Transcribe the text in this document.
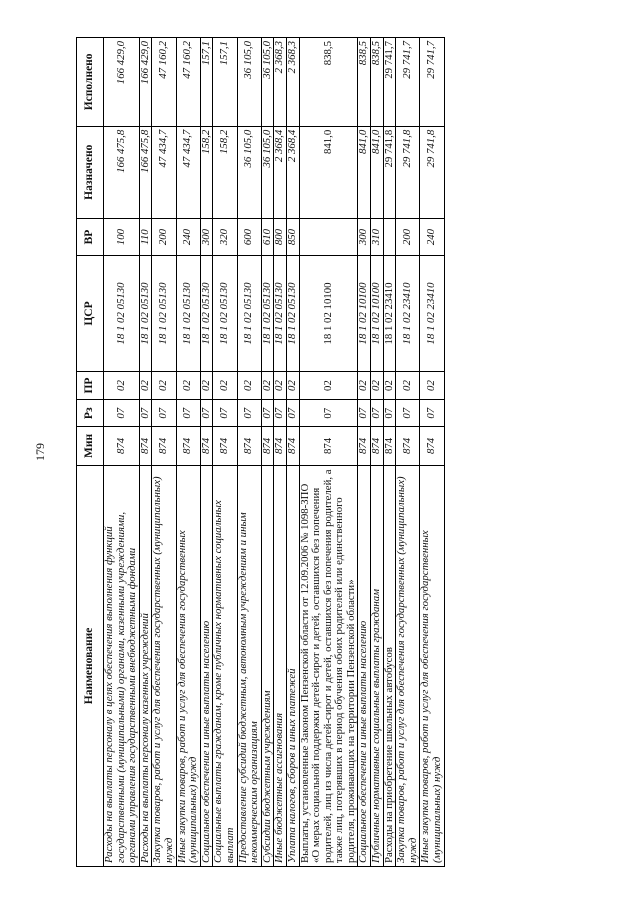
179
Наименование	Мин	Рз	ПР	ЦСР	ВР	Назначено	Исполнено
Расходы на выплаты персоналу в целях обеспечения выполнения функций государственными (муниципальными) органами, казенными учреждениями, органами управления государственными внебюджетными фондами	874	07	02	18 1 02 05130	100	166 475,8	166 429,0
Расходы на выплаты персоналу казенных учреждений	874	07	02	18 1 02 05130	110	166 475,8	166 429,0
Закупка товаров, работ и услуг для обеспечения государственных (муниципальных) нужд	874	07	02	18 1 02 05130	200	47 434,7	47 160,2
Иные закупки товаров, работ и услуг для обеспечения государственных (муниципальных) нужд	874	07	02	18 1 02 05130	240	47 434,7	47 160,2
Социальное обеспечение и иные выплаты населению	874	07	02	18 1 02 05130	300	158,2	157,1
Социальные выплаты гражданам, кроме публичных нормативных социальных выплат	874	07	02	18 1 02 05130	320	158,2	157,1
Предоставление субсидий бюджетным, автономным учреждениям и иным некоммерческим организациям	874	07	02	18 1 02 05130	600	36 105,0	36 105,0
Субсидии бюджетным учреждениям	874	07	02	18 1 02 05130	610	36 105,0	36 105,0
Иные бюджетные ассигнования	874	07	02	18 1 02 05130	800	2 368,4	2 368,3
Уплата налогов, сборов и иных платежей	874	07	02	18 1 02 05130	850	2 368,4	2 368,3
Выплаты, установленные Законом Пензенской области от 12.09.2006 № 1098-ЗПО «О мерах социальной поддержки детей-сирот и детей, оставшихся без попечения родителей, лиц из числа детей-сирот и детей, оставшихся без попечения родителей, а также лиц, потерявших в период обучения обоих родителей или единственного родителя, проживающих на территории Пензенской области»	874	07	02	18 1 02 10100		841,0	838,5
Социальное обеспечение и иные выплаты населению	874	07	02	18 1 02 10100	300	841,0	838,5
Публичные нормативные социальные выплаты гражданам	874	07	02	18 1 02 10100	310	841,0	838,5
Расходы на приобретение школьных автобусов	874	07	02	18 1 02 23410		29 741,8	29 741,7
Закупка товаров, работ и услуг для обеспечения государственных (муниципальных) нужд	874	07	02	18 1 02 23410	200	29 741,8	29 741,7
Иные закупки товаров, работ и услуг для обеспечения государственных (муниципальных) нужд	874	07	02	18 1 02 23410	240	29 741,8	29 741,7
